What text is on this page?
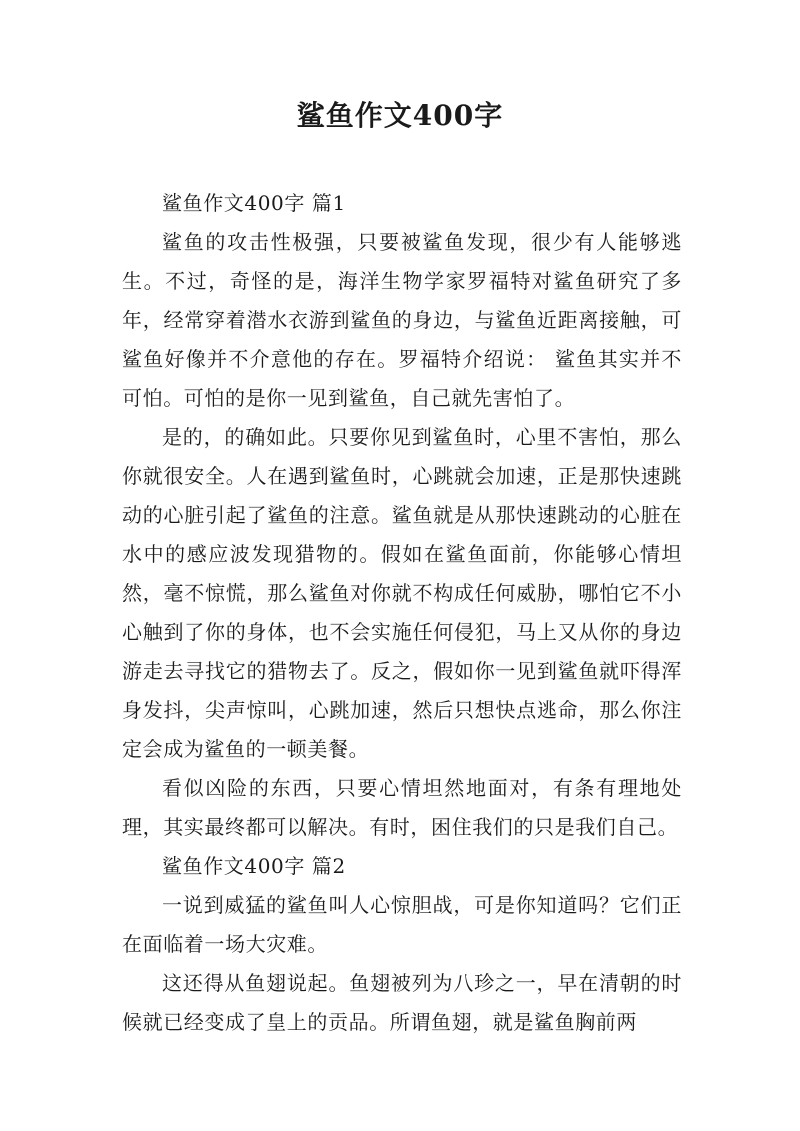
鲨鱼作文400字

鲨鱼作文400字 篇1

鲨鱼的攻击性极强，只要被鲨鱼发现，很少有人能够逃生。不过，奇怪的是，海洋生物学家罗福特对鲨鱼研究了多年，经常穿着潜水衣游到鲨鱼的身边，与鲨鱼近距离接触，可鲨鱼好像并不介意他的存在。罗福特介绍说： 鲨鱼其实并不可怕。可怕的是你一见到鲨鱼，自己就先害怕了。

是的，的确如此。只要你见到鲨鱼时，心里不害怕，那么你就很安全。人在遇到鲨鱼时，心跳就会加速，正是那快速跳动的心脏引起了鲨鱼的注意。鲨鱼就是从那快速跳动的心脏在水中的感应波发现猎物的。假如在鲨鱼面前，你能够心情坦然，毫不惊慌，那么鲨鱼对你就不构成任何威胁，哪怕它不小心触到了你的身体，也不会实施任何侵犯，马上又从你的身边游走去寻找它的猎物去了。反之，假如你一见到鲨鱼就吓得浑身发抖，尖声惊叫，心跳加速，然后只想快点逃命，那么你注定会成为鲨鱼的一顿美餐。

看似凶险的东西，只要心情坦然地面对，有条有理地处理，其实最终都可以解决。有时，困住我们的只是我们自己。

鲨鱼作文400字 篇2

一说到威猛的鲨鱼叫人心惊胆战，可是你知道吗？它们正在面临着一场大灾难。

这还得从鱼翅说起。鱼翅被列为八珍之一，早在清朝的时候就已经变成了皇上的贡品。所谓鱼翅，就是鲨鱼胸前两
